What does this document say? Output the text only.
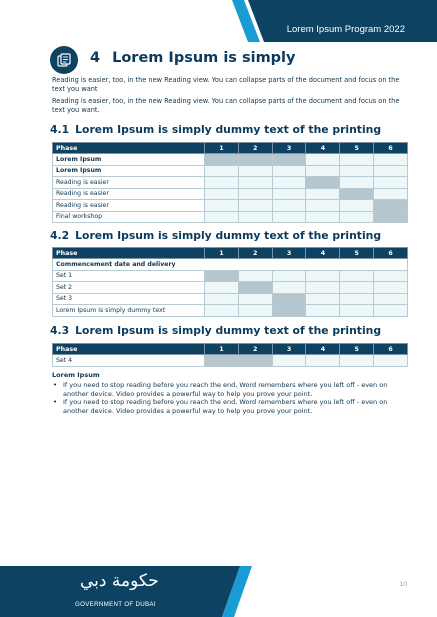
Lorem Ipsum Program 2022
4 Lorem Ipsum is simply

Reading is easier, too, in the new Reading view. You can collapse parts of the document and focus on the text you want

Reading is easier, too, in the new Reading view. You can collapse parts of the document and focus on the text you want.

4.1 Lorem Ipsum is simply dummy text of the printing
Phase	1	2	3	4	5	6
Lorem Ipsum						
Lorem Ipsum						
Reading is easier						
Reading is easier						
Reading is easier						
Final workshop						
4.2 Lorem Ipsum is simply dummy text of the printing
Phase	1	2	3	4	5	6
Commencement date and delivery						
Set 1						
Set 2						
Set 3						
Lorem Ipsum is simply dummy text						
4.3 Lorem Ipsum is simply dummy text of the printing
Phase	1	2	3	4	5	6
Set 4						

Lorem Ipsum

• If you need to stop reading before you reach the end, Word remembers where you left off - even on another device. Video provides a powerful way to help you prove your point.
• If you need to stop reading before you reach the end, Word remembers where you left off - even on another device. Video provides a powerful way to help you prove your point.
حكومة دبي
GOVERNMENT OF DUBAI
10
